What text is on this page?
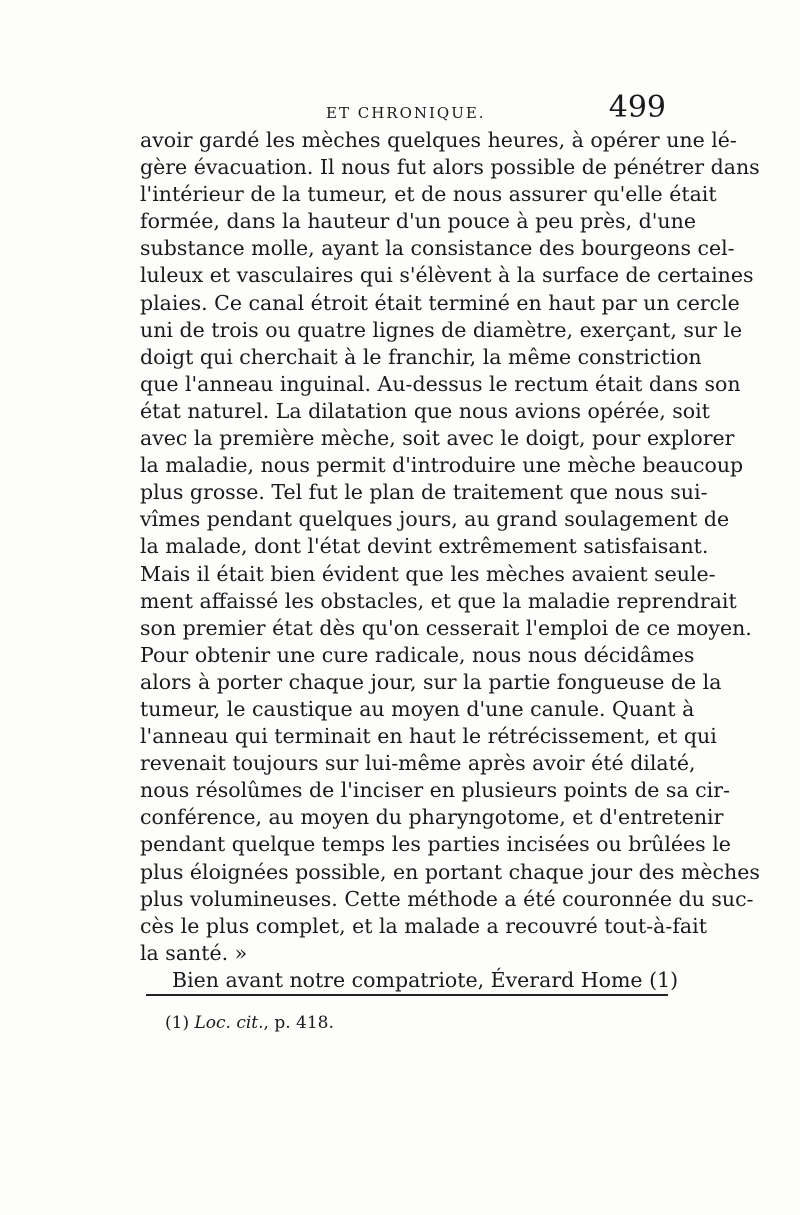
ET CHRONIQUE.	499
avoir gardé les mèches quelques heures, à opérer une lé-
gère évacuation. Il nous fut alors possible de pénétrer dans
l'intérieur de la tumeur, et de nous assurer qu'elle était
formée, dans la hauteur d'un pouce à peu près, d'une
substance molle, ayant la consistance des bourgeons cel-
luleux et vasculaires qui s'élèvent à la surface de certaines
plaies. Ce canal étroit était terminé en haut par un cercle
uni de trois ou quatre lignes de diamètre, exerçant, sur le
doigt qui cherchait à le franchir, la même constriction
que l'anneau inguinal. Au-dessus le rectum était dans son
état naturel. La dilatation que nous avions opérée, soit
avec la première mèche, soit avec le doigt, pour explorer
la maladie, nous permit d'introduire une mèche beaucoup
plus grosse. Tel fut le plan de traitement que nous sui-
vîmes pendant quelques jours, au grand soulagement de
la malade, dont l'état devint extrêmement satisfaisant.
Mais il était bien évident que les mèches avaient seule-
ment affaissé les obstacles, et que la maladie reprendrait
son premier état dès qu'on cesserait l'emploi de ce moyen.
Pour obtenir une cure radicale, nous nous décidâmes
alors à porter chaque jour, sur la partie fongueuse de la
tumeur, le caustique au moyen d'une canule. Quant à
l'anneau qui terminait en haut le rétrécissement, et qui
revenait toujours sur lui-même après avoir été dilaté,
nous résolûmes de l'inciser en plusieurs points de sa cir-
conférence, au moyen du pharyngotome, et d'entretenir
pendant quelque temps les parties incisées ou brûlées le
plus éloignées possible, en portant chaque jour des mèches
plus volumineuses. Cette méthode a été couronnée du suc-
cès le plus complet, et la malade a recouvré tout-à-fait
la santé. »
Bien avant notre compatriote, Éverard Home (1)
(1) Loc. cit., p. 418.
